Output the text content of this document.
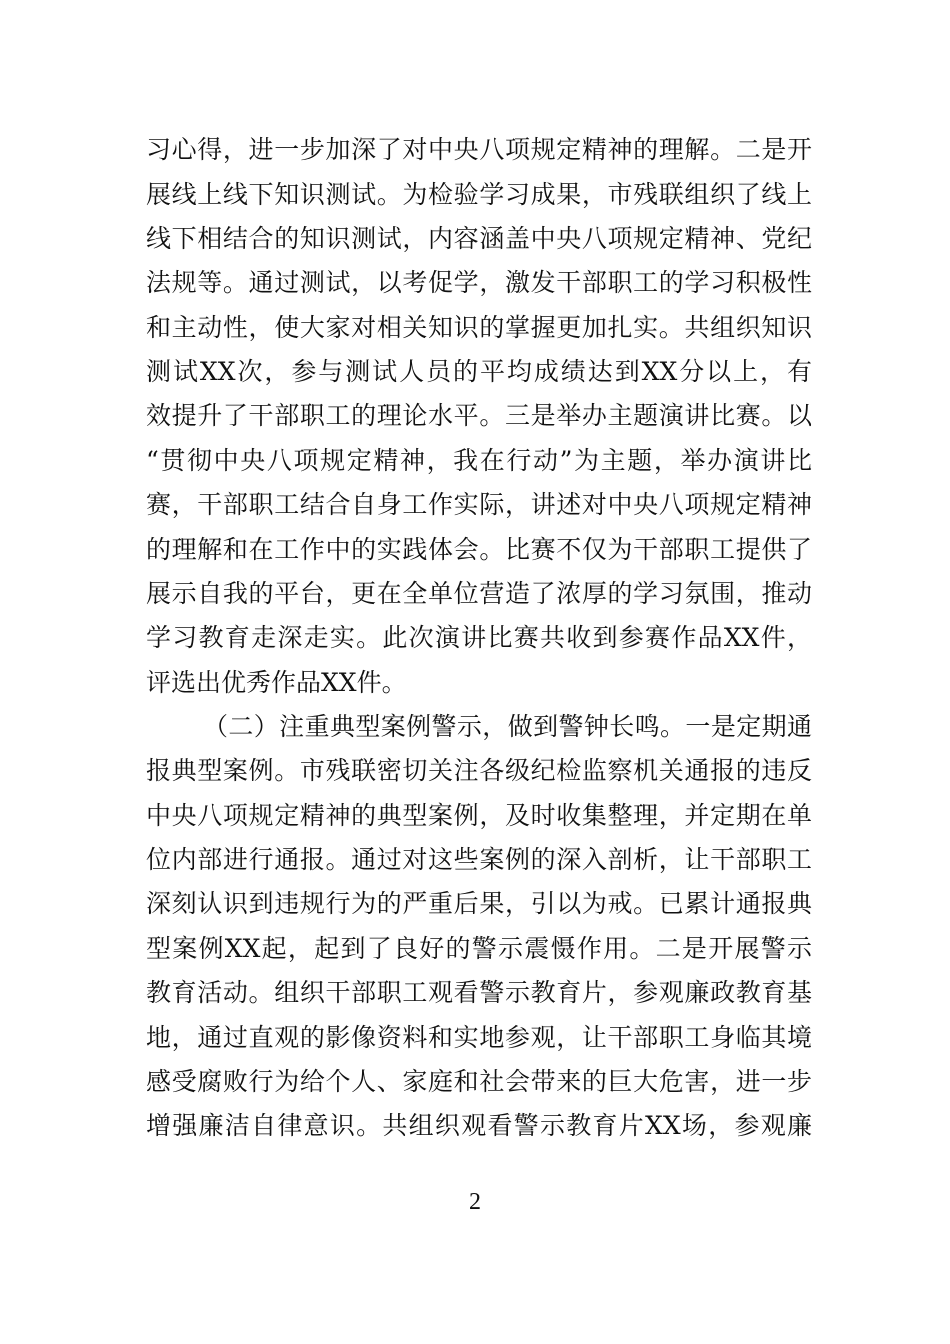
习心得，进一步加深了对中央八项规定精神的理解。二是开
展线上线下知识测试。为检验学习成果，市残联组织了线上
线下相结合的知识测试，内容涵盖中央八项规定精神、党纪
法规等。通过测试，以考促学，激发干部职工的学习积极性
和主动性，使大家对相关知识的掌握更加扎实。共组织知识
测试XX次，参与测试人员的平均成绩达到XX分以上，有
效提升了干部职工的理论水平。三是举办主题演讲比赛。以
“贯彻中央八项规定精神，我在行动”为主题，举办演讲比
赛，干部职工结合自身工作实际，讲述对中央八项规定精神
的理解和在工作中的实践体会。比赛不仅为干部职工提供了
展示自我的平台，更在全单位营造了浓厚的学习氛围，推动
学习教育走深走实。此次演讲比赛共收到参赛作品XX件，
评选出优秀作品XX件。
（二）注重典型案例警示，做到警钟长鸣。一是定期通
报典型案例。市残联密切关注各级纪检监察机关通报的违反
中央八项规定精神的典型案例，及时收集整理，并定期在单
位内部进行通报。通过对这些案例的深入剖析，让干部职工
深刻认识到违规行为的严重后果，引以为戒。已累计通报典
型案例XX起，起到了良好的警示震慑作用。二是开展警示
教育活动。组织干部职工观看警示教育片，参观廉政教育基
地，通过直观的影像资料和实地参观，让干部职工身临其境
感受腐败行为给个人、家庭和社会带来的巨大危害，进一步
增强廉洁自律意识。共组织观看警示教育片XX场，参观廉
2
